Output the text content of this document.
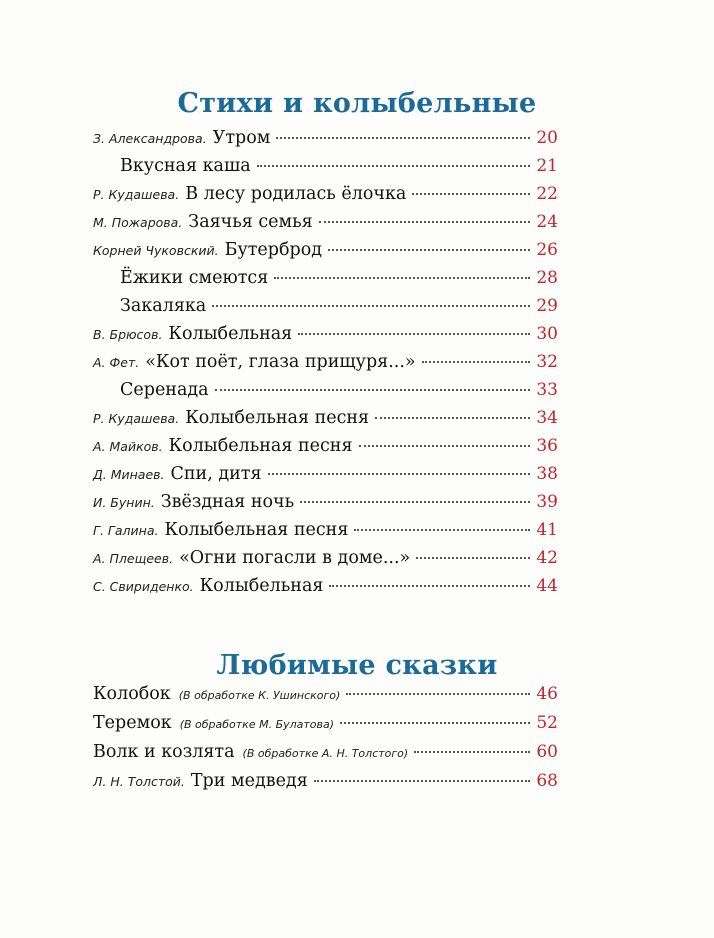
Стихи и колыбельные
З. Александрова. Утром	20
Вкусная каша	21
Р. Кудашева. В лесу родилась ёлочка	22
М. Пожарова. Заячья семья	24
Корней Чуковский. Бутерброд	26
Ёжики смеются	28
Закаляка	29
В. Брюсов. Колыбельная	30
А. Фет. «Кот поёт, глаза прищуря...»	32
Серенада	33
Р. Кудашева. Колыбельная песня	34
А. Майков. Колыбельная песня	36
Д. Минаев. Спи, дитя	38
И. Бунин. Звёздная ночь	39
Г. Галина. Колыбельная песня	41
А. Плещеев. «Огни погасли в доме...»	42
С. Свириденко. Колыбельная	44
Любимые сказки
Колобок (В обработке К. Ушинского)	46
Теремок (В обработке М. Булатова)	52
Волк и козлята (В обработке А. Н. Толстого)	60
Л. Н. Толстой. Три медведя	68
